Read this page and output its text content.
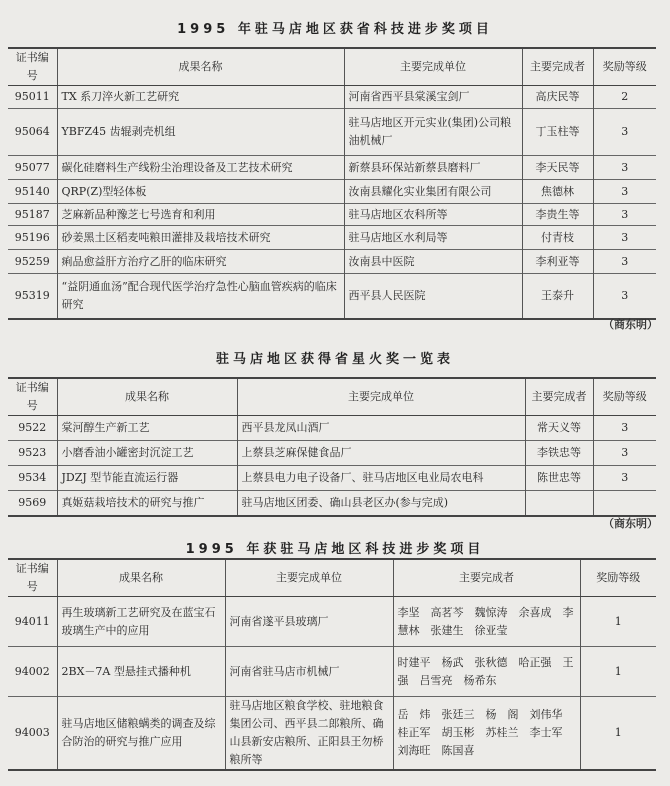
1995 年驻马店地区获省科技进步奖项目
证书编号	成果名称	主要完成单位	主要完成者	奖励等级
95011	TX 系刀淬火新工艺研究	河南省西平县棠溪宝剑厂	高庆民等	2
95064	YBFZ45 齿辊剥壳机组	驻马店地区开元实业(集团)公司粮油机械厂	丁玉柱等	3
95077	碳化硅磨料生产线粉尘治理设备及工艺技术研究	新蔡县环保站新蔡县磨料厂	李天民等	3
95140	QRP(Z)型轻体板	汝南县耀化实业集团有限公司	焦德林	3
95187	芝麻新品种豫芝七号选育和利用	驻马店地区农科所等	李贵生等	3
95196	砂姜黑土区稻麦吨粮田灌排及栽培技术研究	驻马店地区水利局等	付青枝	3
95259	痢品愈益肝方治疗乙肝的临床研究	汝南县中医院	李利亚等	3
95319	“益阴通血汤”配合现代医学治疗急性心脑血管疾病的临床研究	西平县人民医院	王泰升	3
（商东明）
驻马店地区获得省星火奖一览表
证书编号	成果名称	主要完成单位	主要完成者	奖励等级
9522	棠河醇生产新工艺	西平县龙凤山酒厂	常天义等	3
9523	小磨香油小罐密封沉淀工艺	上蔡县芝麻保健食品厂	李铁忠等	3
9534	JDZJ 型节能直流运行器	上蔡县电力电子设备厂、驻马店地区电业局农电科	陈世忠等	3
9569	真姬菇栽培技术的研究与推广	驻马店地区团委、确山县老区办(参与完成)		
（商东明）
1995 年获驻马店地区科技进步奖项目
证书编号	成果名称	主要完成单位	主要完成者	奖励等级
94011	再生玻璃新工艺研究及在蓝宝石玻璃生产中的应用	河南省遂平县玻璃厂	李坚　高茗芩　魏惊涛　余喜成　李慧林　张建生　徐亚莹	1
94002	2BX－7A 型悬挂式播种机	河南省驻马店市机械厂	时建平　杨武　张秋德　哈正强　王　强　吕雪亮　杨希东	1
94003	驻马店地区储粮螨类的调查及综合防治的研究与推广应用	驻马店地区粮食学校、驻地粮食集团公司、西平县二郎粮所、确山县新安店粮所、正阳县王勿桥粮所等	岳　炜　张廷三　杨　阁　刘伟华　桂正军　胡玉彬　苏桂兰　李士军　刘海旺　陈国喜	1
